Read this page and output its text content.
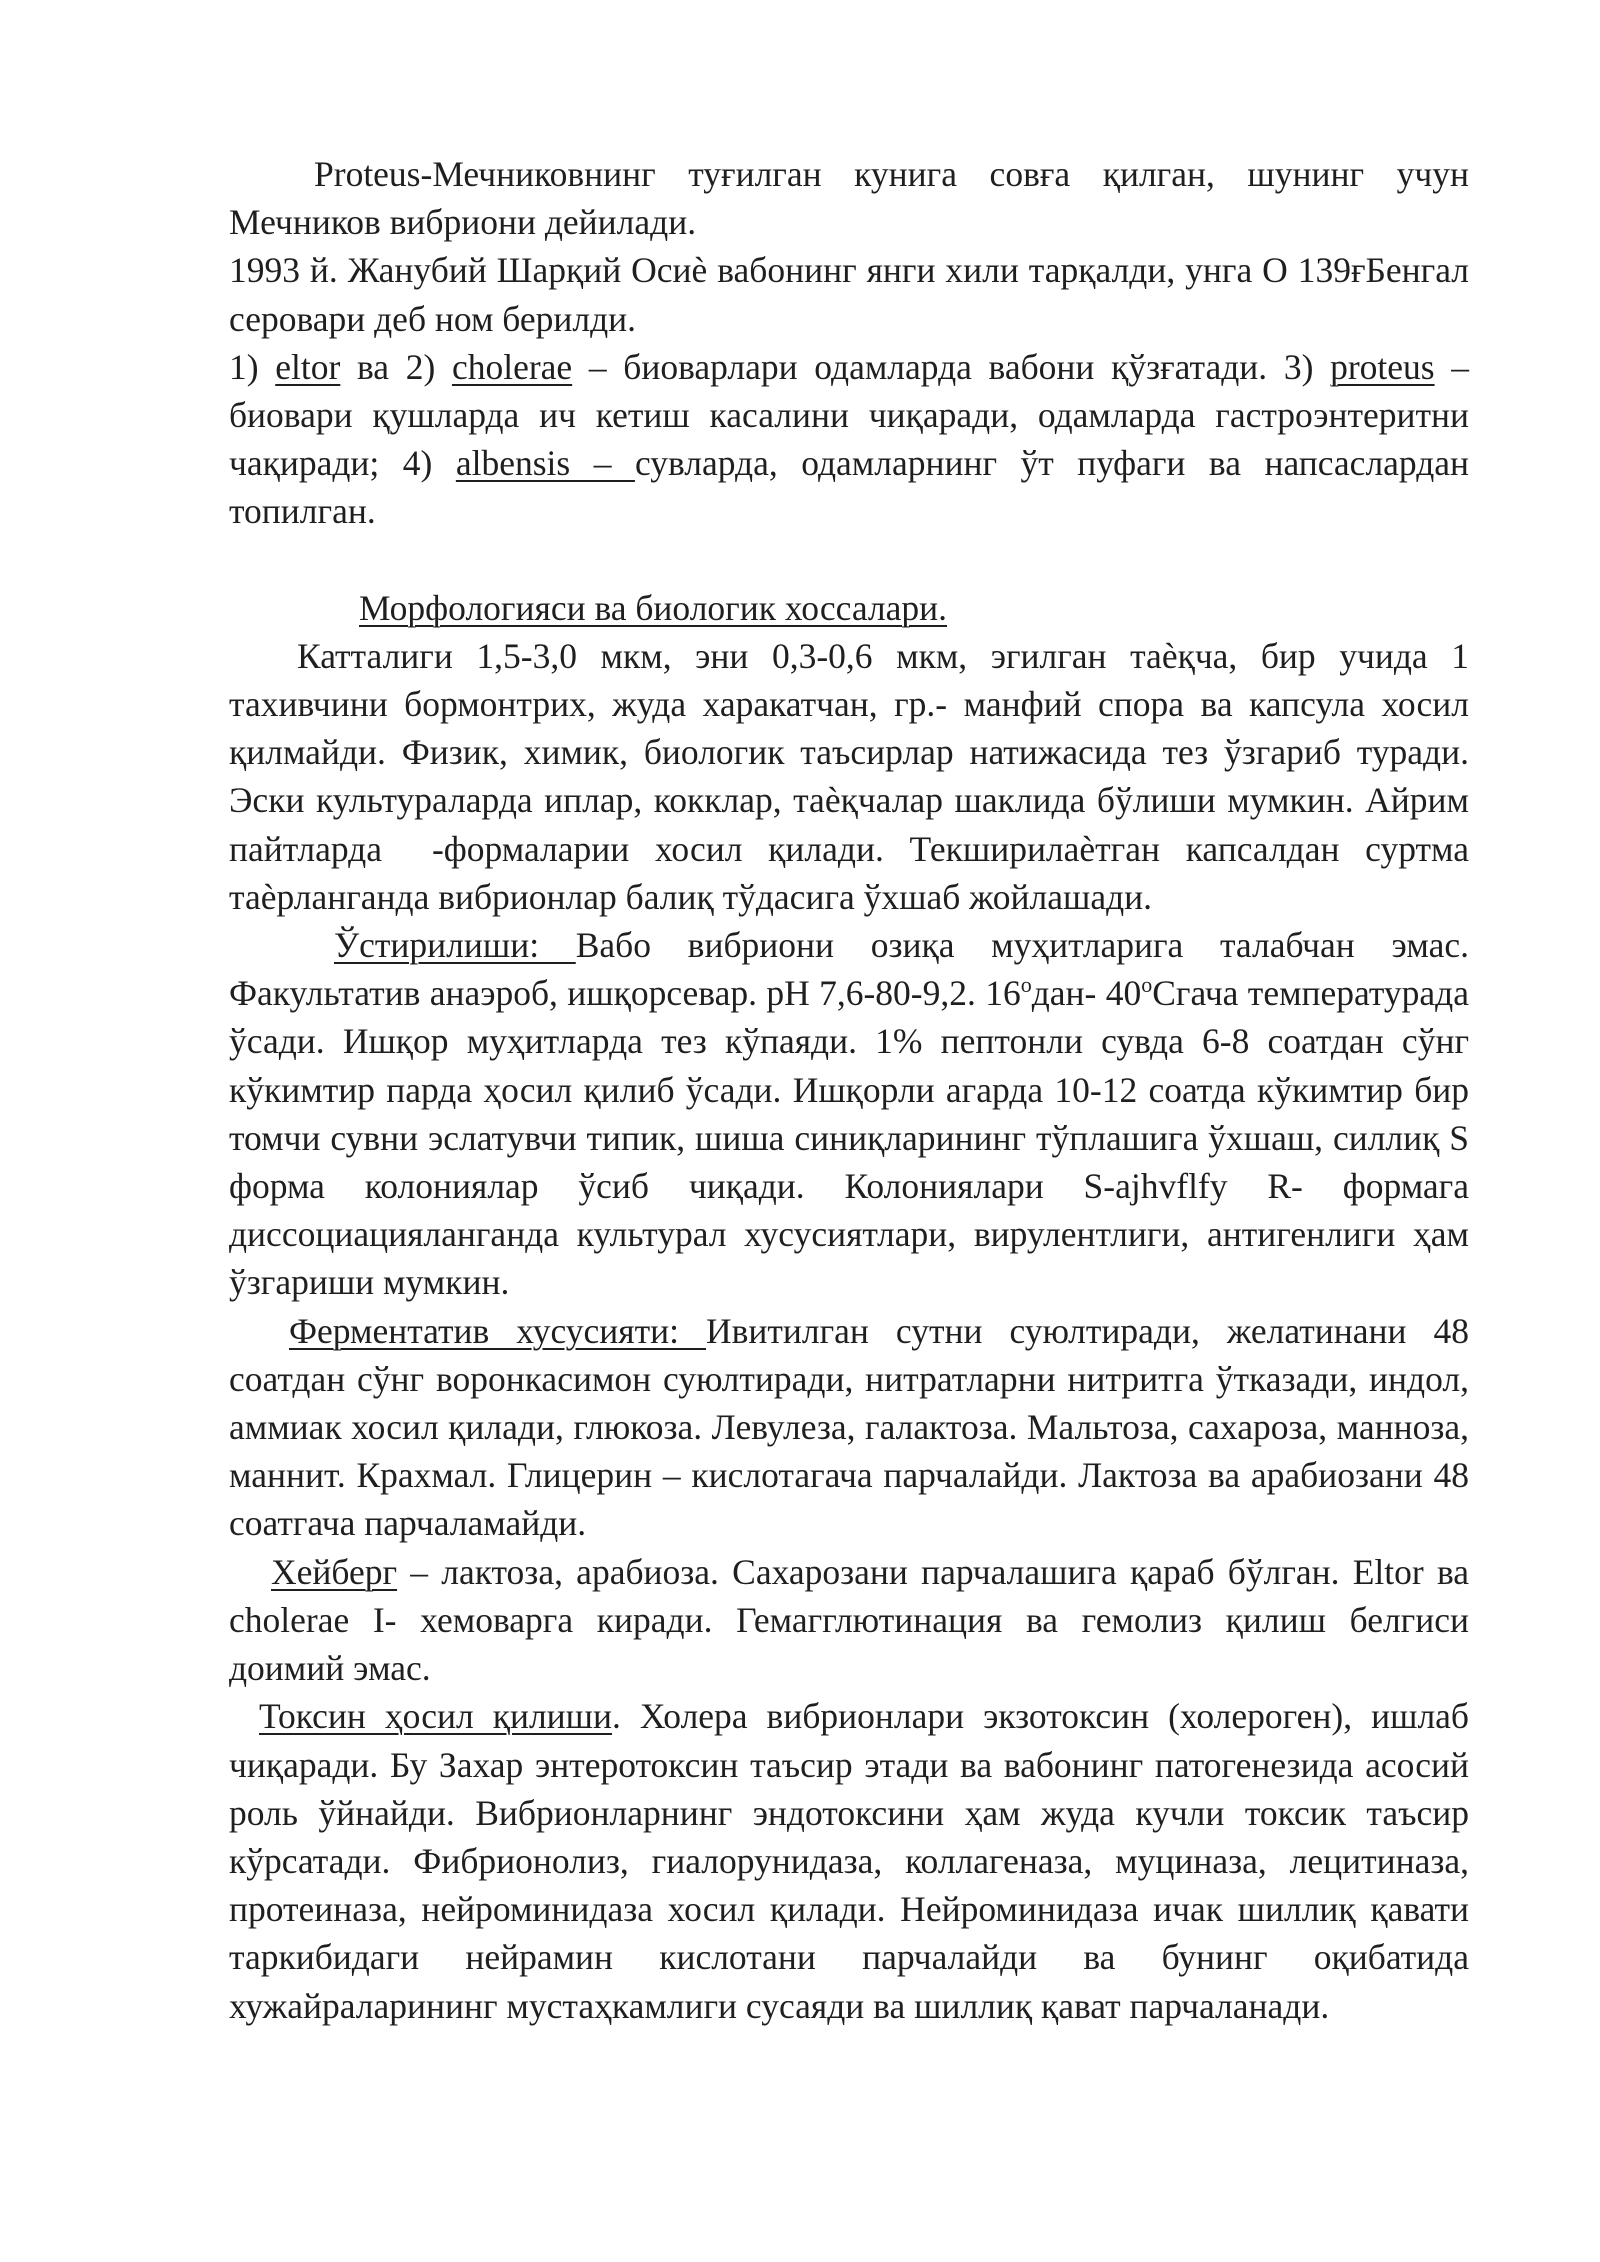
Proteus-Мечниковнинг туғилган кунига совға қилган, шунинг учун Мечников вибриони дейилади.

1993 й. Жанубий Шарқий Осиѐ вабонинг янги хили тарқалди, унга О 139ғБенгал серовари деб ном берилди.

1) eltor ва 2) cholerae – биоварлари одамларда вабони қўзғатади. 3) proteus – биовари қушларда ич кетиш касалини чиқаради, одамларда гастроэнтеритни чақиради; 4) albensis – сувларда, одамларнинг ўт пуфаги ва напсаслардан топилган.

Морфологияси ва биологик хоссалари.

Катталиги 1,5-3,0 мкм, эни 0,3-0,6 мкм, эгилган таѐқча, бир учида 1 тахивчини бормонтрих, жуда харакатчан, гр.- манфий спора ва капсула хосил қилмайди. Физик, химик, биологик таъсирлар натижасида тез ўзгариб туради. Эски культураларда иплар, кокклар, таѐқчалар шаклида бўлиши мумкин. Айрим пайтларда -формаларии хосил қилади. Текширилаѐтган капсалдан суртма таѐрланганда вибрионлар балиқ тўдасига ўхшаб жойлашади.

Ўстирилиши: Вабо вибриони озиқа муҳитларига талабчан эмас. Факультатив анаэроб, ишқорсевар. рН 7,6-80-9,2. $16^одан-$ $40^оСгача$ температурада ўсади. Ишқор муҳитларда тез кўпаяди. 1% пептонли сувда 6-8 соатдан сўнг кўкимтир парда ҳосил қилиб ўсади. Ишқорли агарда 10-12 соатда кўкимтир бир томчи сувни эслатувчи типик, шиша синиқларининг тўплашига ўхшаш, силлиқ S форма колониялар ўсиб чиқади. Колониялари S-ajhvflfy R- формага диссоциацияланганда культурал хусусиятлари, вирулентлиги, антигенлиги ҳам ўзгариши мумкин.

Ферментатив хусусияти: Ивитилган сутни суюлтиради, желатинани 48 соатдан сўнг воронкасимон суюлтиради, нитратларни нитритга ўтказади, индол, аммиак хосил қилади, глюкоза. Левулеза, галактоза. Мальтоза, сахароза, манноза, маннит. Крахмал. Глицерин – кислотагача парчалайди. Лактоза ва арабиозани 48 соатгача парчаламайди.

Хейберг – лактоза, арабиоза. Сахарозани парчалашига қараб бўлган. Eltor ва cholerae I- хемоварга киради. Гемагглютинация ва гемолиз қилиш белгиси доимий эмас.

Токсин ҳосил қилиши. Холера вибрионлари экзотоксин (холероген), ишлаб чиқаради. Бу Захар энтеротоксин таъсир этади ва вабонинг патогенезида асосий роль ўйнайди. Вибрионларнинг эндотоксини ҳам жуда кучли токсик таъсир кўрсатади. Фибрионолиз, гиалорунидаза, коллагеназа, муциназа, лецитиназа, протеиназа, нейроминидаза хосил қилади. Нейроминидаза ичак шиллиқ қавати таркибидаги нейрамин кислотани парчалайди ва бунинг оқибатида хужайраларининг мустаҳкамлиги сусаяди ва шиллиқ қават парчаланади.
